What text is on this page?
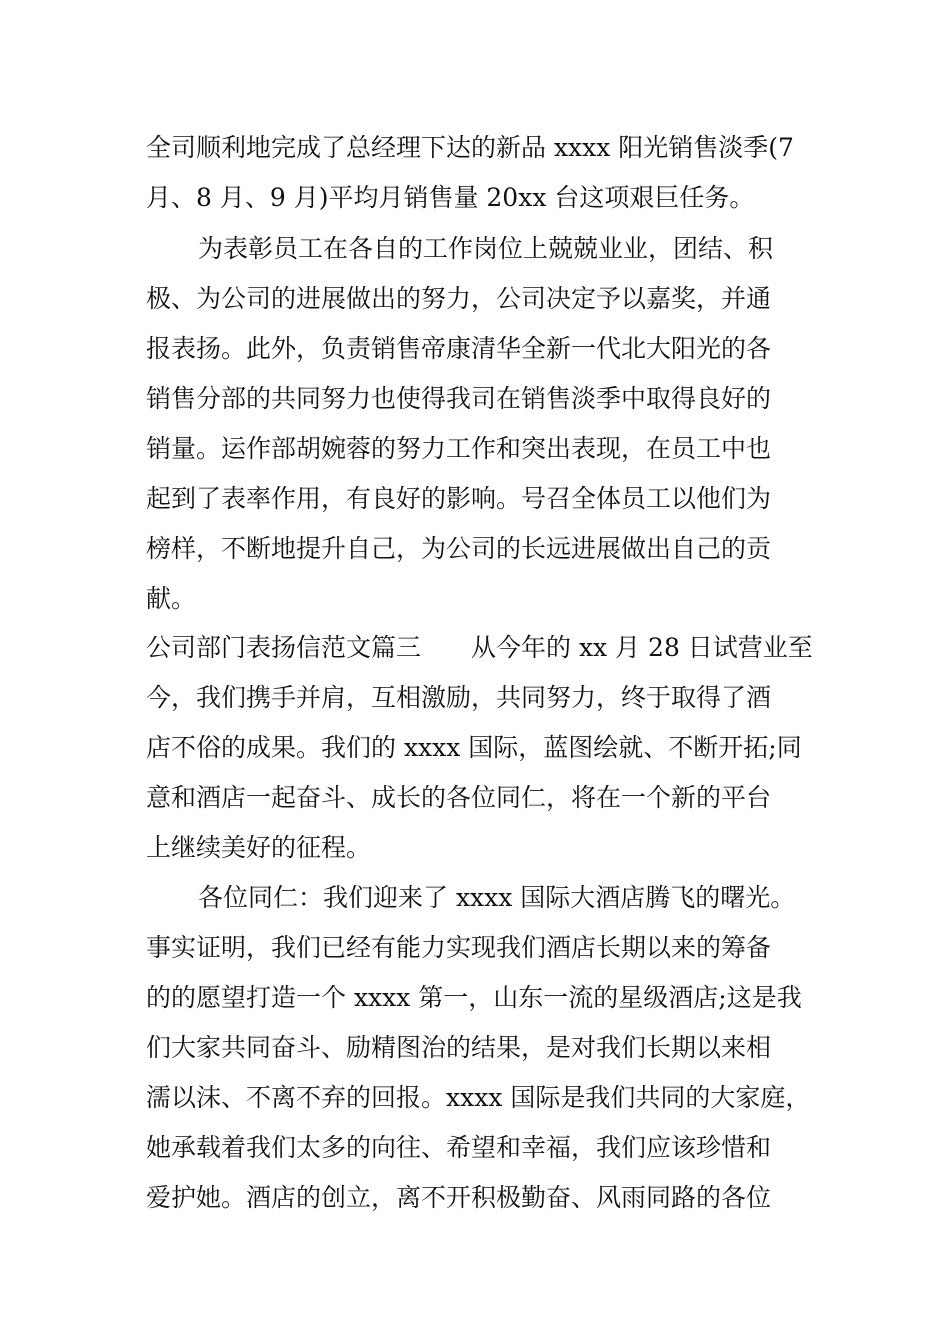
全司顺利地完成了总经理下达的新品 xxxx 阳光销售淡季(7
月、8 月、9 月)平均月销售量 20xx 台这项艰巨任务。
为表彰员工在各自的工作岗位上兢兢业业，团结、积
极、为公司的进展做出的努力，公司决定予以嘉奖，并通
报表扬。此外，负责销售帝康清华全新一代北大阳光的各
销售分部的共同努力也使得我司在销售淡季中取得良好的
销量。运作部胡婉蓉的努力工作和突出表现，在员工中也
起到了表率作用，有良好的影响。号召全体员工以他们为
榜样，不断地提升自己，为公司的长远进展做出自己的贡
献。
公司部门表扬信范文篇三　　从今年的 xx 月 28 日试营业至
今，我们携手并肩，互相激励，共同努力，终于取得了酒
店不俗的成果。我们的 xxxx 国际，蓝图绘就、不断开拓;同
意和酒店一起奋斗、成长的各位同仁，将在一个新的平台
上继续美好的征程。
各位同仁：我们迎来了 xxxx 国际大酒店腾飞的曙光。
事实证明，我们已经有能力实现我们酒店长期以来的筹备
的的愿望打造一个 xxxx 第一，山东一流的星级酒店;这是我
们大家共同奋斗、励精图治的结果，是对我们长期以来相
濡以沫、不离不弃的回报。xxxx 国际是我们共同的大家庭，
她承载着我们太多的向往、希望和幸福，我们应该珍惜和
爱护她。酒店的创立，离不开积极勤奋、风雨同路的各位
